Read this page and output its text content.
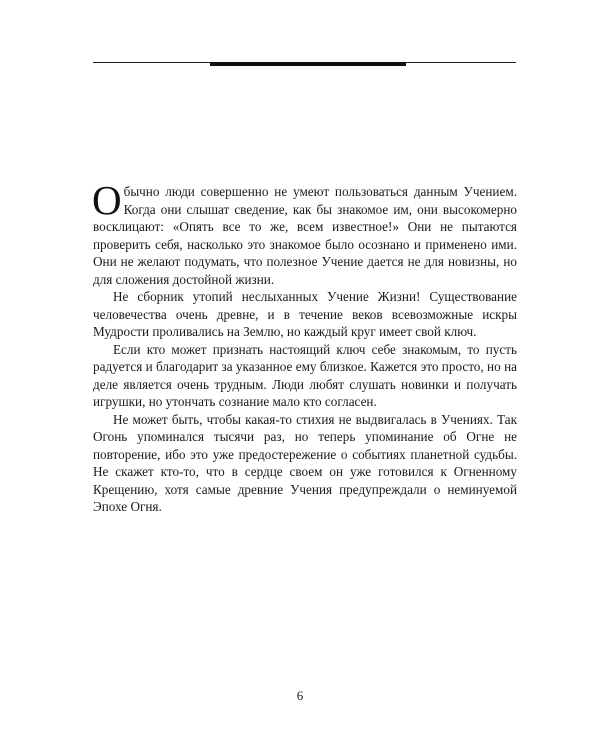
Обычно люди совершенно не умеют пользоваться данным Учением. Когда они слышат сведение, как бы знакомое им, они высокомерно восклицают: «Опять все то же, всем известное!» Они не пытаются проверить себя, насколько это знакомое было осознано и применено ими. Они не желают подумать, что полезное Учение дается не для новизны, но для сложения достойной жизни.

Не сборник утопий неслыханных Учение Жизни! Существование человечества очень древне, и в течение веков всевозможные искры Мудрости проливались на Землю, но каждый круг имеет свой ключ.

Если кто может признать настоящий ключ себе знакомым, то пусть радуется и благодарит за указанное ему близкое. Кажется это просто, но на деле является очень трудным. Люди любят слушать новинки и получать игрушки, но утончать сознание мало кто согласен.

Не может быть, чтобы какая-то стихия не выдвигалась в Учениях. Так Огонь упоминался тысячи раз, но теперь упоминание об Огне не повторение, ибо это уже предостережение о событиях планетной судьбы. Не скажет кто-то, что в сердце своем он уже готовился к Огненному Крещению, хотя самые древние Учения предупреждали о неминуемой Эпохе Огня.

6
